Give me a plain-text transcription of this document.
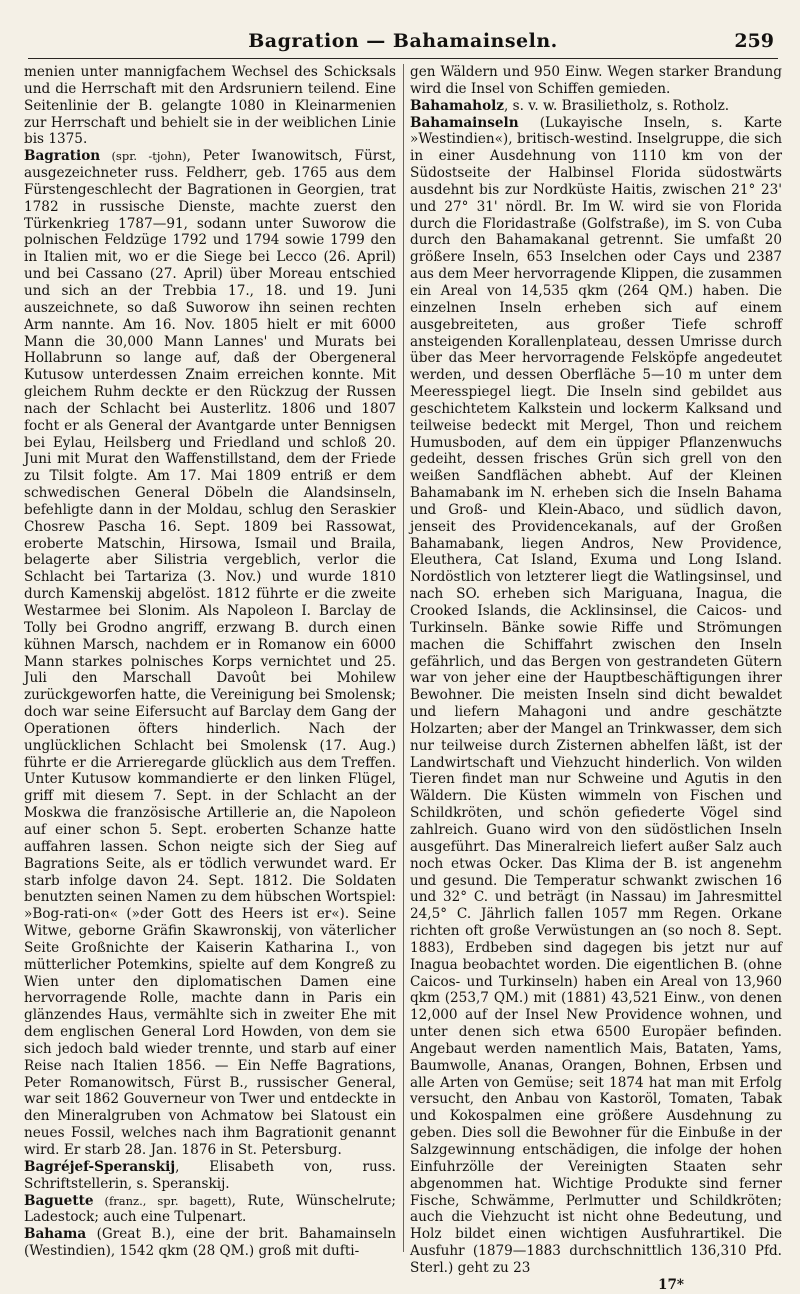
Bagration — Bahamainseln.	259

menien unter mannigfachem Wechsel des Schicksals und die Herrschaft mit den Ardsruniern teilend. Eine Seitenlinie der B. gelangte 1080 in Kleinarmenien zur Herrschaft und behielt sie in der weiblichen Linie bis 1375.

Bagration (spr. -tjohn), Peter Iwanowitsch, Fürst, ausgezeichneter russ. Feldherr, geb. 1765 aus dem Fürstengeschlecht der Bagrationen in Georgien, trat 1782 in russische Dienste, machte zuerst den Türkenkrieg 1787—91, sodann unter Suworow die polnischen Feldzüge 1792 und 1794 sowie 1799 den in Italien mit, wo er die Siege bei Lecco (26. April) und bei Cassano (27. April) über Moreau entschied und sich an der Trebbia 17., 18. und 19. Juni auszeichnete, so daß Suworow ihn seinen rechten Arm nannte. Am 16. Nov. 1805 hielt er mit 6000 Mann die 30,000 Mann Lannes' und Murats bei Hollabrunn so lange auf, daß der Obergeneral Kutusow unterdessen Znaim erreichen konnte. Mit gleichem Ruhm deckte er den Rückzug der Russen nach der Schlacht bei Austerlitz. 1806 und 1807 focht er als General der Avantgarde unter Bennigsen bei Eylau, Heilsberg und Friedland und schloß 20. Juni mit Murat den Waffenstillstand, dem der Friede zu Tilsit folgte. Am 17. Mai 1809 entriß er dem schwedischen General Döbeln die Alandsinseln, befehligte dann in der Moldau, schlug den Seraskier Chosrew Pascha 16. Sept. 1809 bei Rassowat, eroberte Matschin, Hirsowa, Ismail und Braila, belagerte aber Silistria vergeblich, verlor die Schlacht bei Tartariza (3. Nov.) und wurde 1810 durch Kamenskij abgelöst. 1812 führte er die zweite Westarmee bei Slonim. Als Napoleon I. Barclay de Tolly bei Grodno angriff, erzwang B. durch einen kühnen Marsch, nachdem er in Romanow ein 6000 Mann starkes polnisches Korps vernichtet und 25. Juli den Marschall Davoût bei Mohilew zurückgeworfen hatte, die Vereinigung bei Smolensk; doch war seine Eifersucht auf Barclay dem Gang der Operationen öfters hinderlich. Nach der unglücklichen Schlacht bei Smolensk (17. Aug.) führte er die Arrieregarde glücklich aus dem Treffen. Unter Kutusow kommandierte er den linken Flügel, griff mit diesem 7. Sept. in der Schlacht an der Moskwa die französische Artillerie an, die Napoleon auf einer schon 5. Sept. eroberten Schanze hatte auffahren lassen. Schon neigte sich der Sieg auf Bagrations Seite, als er tödlich verwundet ward. Er starb infolge davon 24. Sept. 1812. Die Soldaten benutzten seinen Namen zu dem hübschen Wortspiel: »Bog-rati-on« (»der Gott des Heers ist er«). Seine Witwe, geborne Gräfin Skawronskij, von väterlicher Seite Großnichte der Kaiserin Katharina I., von mütterlicher Potemkins, spielte auf dem Kongreß zu Wien unter den diplomatischen Damen eine hervorragende Rolle, machte dann in Paris ein glänzendes Haus, vermählte sich in zweiter Ehe mit dem englischen General Lord Howden, von dem sie sich jedoch bald wieder trennte, und starb auf einer Reise nach Italien 1856. — Ein Neffe Bagrations, Peter Romanowitsch, Fürst B., russischer General, war seit 1862 Gouverneur von Twer und entdeckte in den Mineralgruben von Achmatow bei Slatoust ein neues Fossil, welches nach ihm Bagrationit genannt wird. Er starb 28. Jan. 1876 in St. Petersburg.

Bagréjef-Speranskij, Elisabeth von, russ. Schriftstellerin, s. Speranskij.

Baguette (franz., spr. bagett), Rute, Wünschelrute; Ladestock; auch eine Tulpenart.

Bahama (Great B.), eine der brit. Bahamainseln (Westindien), 1542 qkm (28 QM.) groß mit dufti-

gen Wäldern und 950 Einw. Wegen starker Brandung wird die Insel von Schiffen gemieden.

Bahamaholz, s. v. w. Brasilietholz, s. Rotholz.

Bahamainseln (Lukayische Inseln, s. Karte »Westindien«), britisch-westind. Inselgruppe, die sich in einer Ausdehnung von 1110 km von der Südostseite der Halbinsel Florida südostwärts ausdehnt bis zur Nordküste Haitis, zwischen 21° 23' und 27° 31' nördl. Br. Im W. wird sie von Florida durch die Floridastraße (Golfstraße), im S. von Cuba durch den Bahamakanal getrennt. Sie umfaßt 20 größere Inseln, 653 Inselchen oder Cays und 2387 aus dem Meer hervorragende Klippen, die zusammen ein Areal von 14,535 qkm (264 QM.) haben. Die einzelnen Inseln erheben sich auf einem ausgebreiteten, aus großer Tiefe schroff ansteigenden Korallenplateau, dessen Umrisse durch über das Meer hervorragende Felsköpfe angedeutet werden, und dessen Oberfläche 5—10 m unter dem Meeresspiegel liegt. Die Inseln sind gebildet aus geschichtetem Kalkstein und lockerm Kalksand und teilweise bedeckt mit Mergel, Thon und reichem Humusboden, auf dem ein üppiger Pflanzenwuchs gedeiht, dessen frisches Grün sich grell von den weißen Sandflächen abhebt. Auf der Kleinen Bahamabank im N. erheben sich die Inseln Bahama und Groß- und Klein-Abaco, und südlich davon, jenseit des Providencekanals, auf der Großen Bahamabank, liegen Andros, New Providence, Eleuthera, Cat Island, Exuma und Long Island. Nordöstlich von letzterer liegt die Watlingsinsel, und nach SO. erheben sich Mariguana, Inagua, die Crooked Islands, die Acklinsinsel, die Caicos- und Turkinseln. Bänke sowie Riffe und Strömungen machen die Schiffahrt zwischen den Inseln gefährlich, und das Bergen von gestrandeten Gütern war von jeher eine der Hauptbeschäftigungen ihrer Bewohner. Die meisten Inseln sind dicht bewaldet und liefern Mahagoni und andre geschätzte Holzarten; aber der Mangel an Trinkwasser, dem sich nur teilweise durch Zisternen abhelfen läßt, ist der Landwirtschaft und Viehzucht hinderlich. Von wilden Tieren findet man nur Schweine und Agutis in den Wäldern. Die Küsten wimmeln von Fischen und Schildkröten, und schön gefiederte Vögel sind zahlreich. Guano wird von den südöstlichen Inseln ausgeführt. Das Mineralreich liefert außer Salz auch noch etwas Ocker. Das Klima der B. ist angenehm und gesund. Die Temperatur schwankt zwischen 16 und 32° C. und beträgt (in Nassau) im Jahresmittel 24,5° C. Jährlich fallen 1057 mm Regen. Orkane richten oft große Verwüstungen an (so noch 8. Sept. 1883), Erdbeben sind dagegen bis jetzt nur auf Inagua beobachtet worden. Die eigentlichen B. (ohne Caicos- und Turkinseln) haben ein Areal von 13,960 qkm (253,7 QM.) mit (1881) 43,521 Einw., von denen 12,000 auf der Insel New Providence wohnen, und unter denen sich etwa 6500 Europäer befinden. Angebaut werden namentlich Mais, Bataten, Yams, Baumwolle, Ananas, Orangen, Bohnen, Erbsen und alle Arten von Gemüse; seit 1874 hat man mit Erfolg versucht, den Anbau von Kastoröl, Tomaten, Tabak und Kokospalmen eine größere Ausdehnung zu geben. Dies soll die Bewohner für die Einbuße in der Salzgewinnung entschädigen, die infolge der hohen Einfuhrzölle der Vereinigten Staaten sehr abgenommen hat. Wichtige Produkte sind ferner Fische, Schwämme, Perlmutter und Schildkröten; auch die Viehzucht ist nicht ohne Bedeutung, und Holz bildet einen wichtigen Ausfuhrartikel. Die Ausfuhr (1879—1883 durchschnittlich 136,310 Pfd. Sterl.) geht zu 23

17*
